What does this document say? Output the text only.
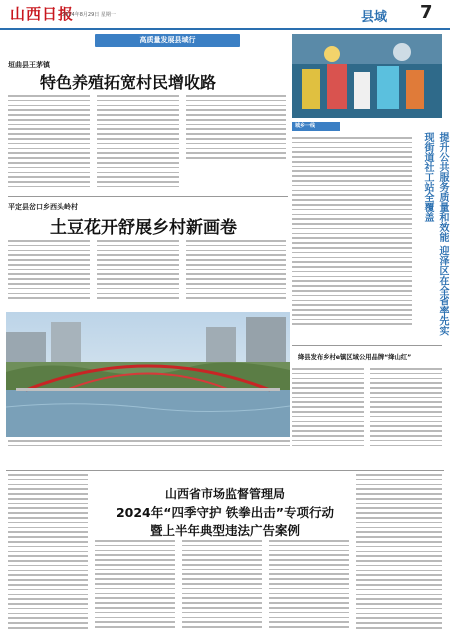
山西日报
2024年8月29日 星期一	县域 7
高质量发展县域行
垣曲县王茅镇
特色养殖拓宽村民增收路
平定县岔口乡西头岭村
土豆花开舒展乡村新画卷
城乡一线
提升公共服务质量和效能 迎泽区在全省率先实现街道社工站全覆盖
绛县发布乡村e镇区域公用品牌“绛山红”
山西省市场监督管理局
2024年“四季守护 铁拳出击”专项行动
暨上半年典型违法广告案例
